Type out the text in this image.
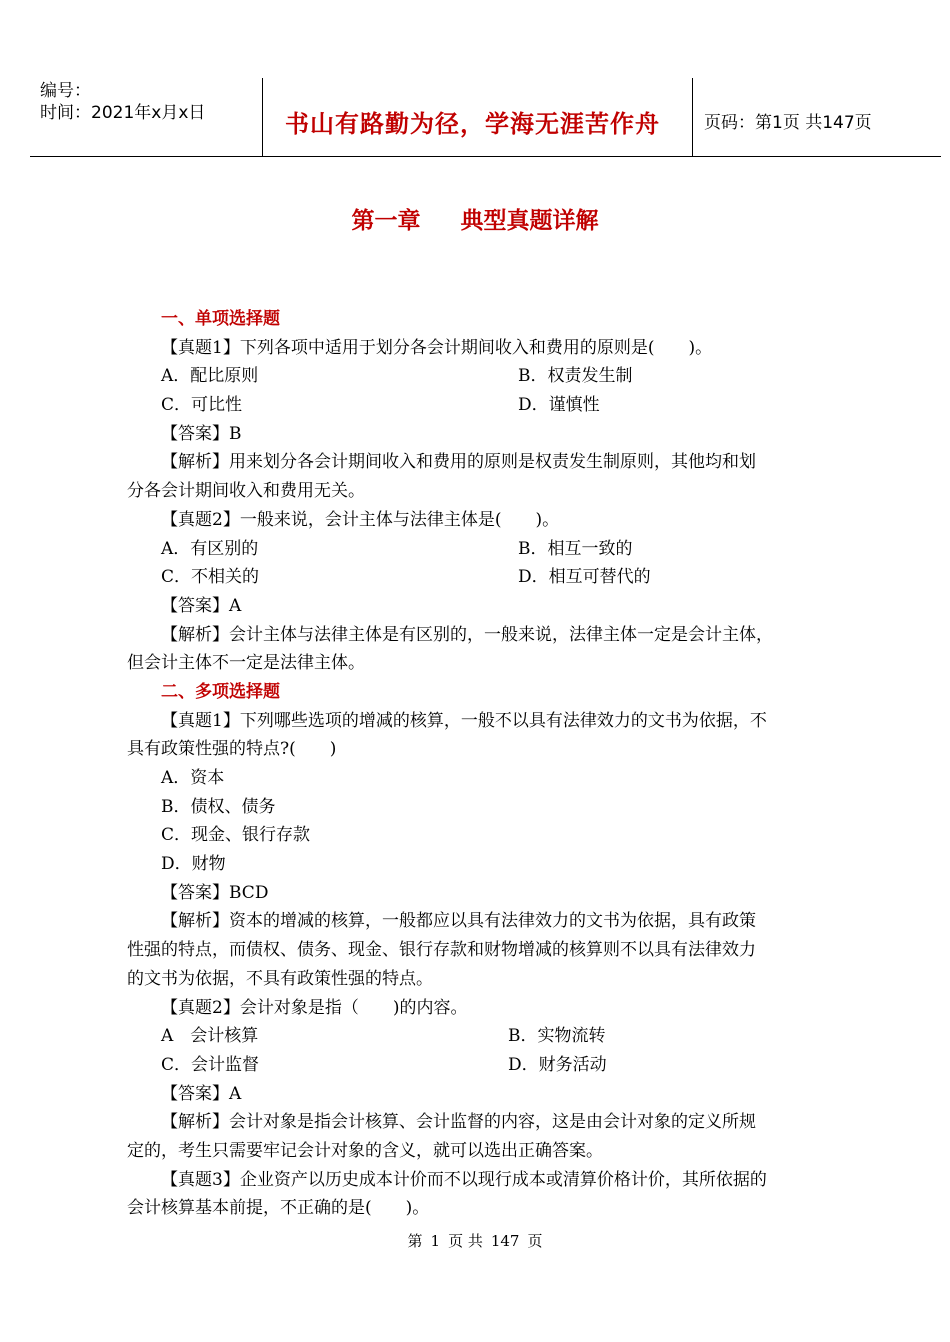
编号：
时间：2021年x月x日	书山有路勤为径，学海无涯苦作舟	页码：第1页 共147页
第一章 典型真题详解
一、单项选择题
【真题1】下列各项中适用于划分各会计期间收入和费用的原则是(　　)。
A．配比原则	B．权责发生制
C．可比性	D．谨慎性
【答案】B
【解析】用来划分各会计期间收入和费用的原则是权责发生制原则，其他均和划
分各会计期间收入和费用无关。
【真题2】一般来说，会计主体与法律主体是(　　)。
A．有区别的	B．相互一致的
C．不相关的	D．相互可替代的
【答案】A
【解析】会计主体与法律主体是有区别的，一般来说，法律主体一定是会计主体，
但会计主体不一定是法律主体。
二、多项选择题
【真题1】下列哪些选项的增减的核算，一般不以具有法律效力的文书为依据，不
具有政策性强的特点?(　　)
A．资本
B．债权、债务
C．现金、银行存款
D．财物
【答案】BCD
【解析】资本的增减的核算，一般都应以具有法律效力的文书为依据，具有政策
性强的特点，而债权、债务、现金、银行存款和财物增减的核算则不以具有法律效力
的文书为依据，不具有政策性强的特点。
【真题2】会计对象是指（　　)的内容。
A　会计核算	B．实物流转
C．会计监督	D．财务活动
【答案】A
【解析】会计对象是指会计核算、会计监督的内容，这是由会计对象的定义所规
定的，考生只需要牢记会计对象的含义，就可以选出正确答案。
【真题3】企业资产以历史成本计价而不以现行成本或清算价格计价，其所依据的
会计核算基本前提，不正确的是(　　)。
第 1 页 共 147 页
